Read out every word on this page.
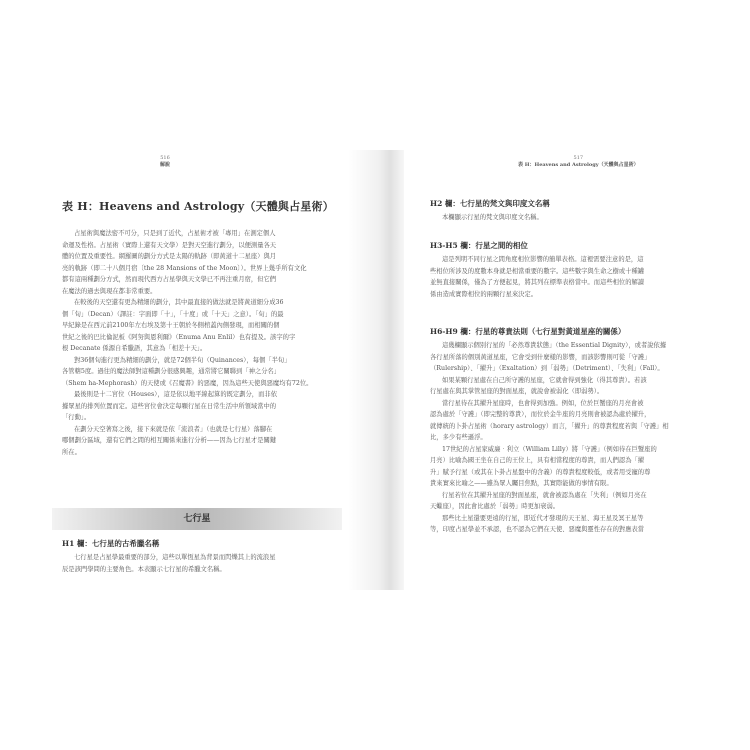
516
解說
表 H：Heavens and Astrology（天體與占星術）

占星術與魔法密不可分，只是到了近代，占星術才被「專用」在測定個人
命運及性格。占星術（實際上還有天文學）是對天空進行劃分，以便測量各天
體的位置及重要性。網羅圖的劃分方式是太陽的軌跡（即黃道十二星座）與月
亮的軌跡（即二十八個月宿〔the 28 Mansions of the Moon〕）。世界上幾乎所有文化
都有這兩種劃分方式，然而現代西方占星學與天文學已不再注重月宿，但它們
在魔法的過去與現在都非常重要。

在較後的天空還有更為精細的劃分，其中最直接的做法就是將黃道細分成36
個「旬」（Decan）（譯註：字面即「十」，「十度」或「十天」之意）。「旬」的最
早紀錄是在西元前2100年左右埃及第十王朝於冬側棺蓋內側發現，而相關的個
世紀之後的巴比倫泥板《阿努與恩利爾》（Enuma Anu Enlil）也有提及。該字的字
根 Decanate 係源自希臘語，其意為「相差十天」。

對36個旬進行更為精細的劃分，就是72個半旬（Quinances），每個「半旬」
各管轄5度。過往的魔法師對這種劃分很感興趣，通常將它關聯到「神之分名」
（Shem ha-Mephorash）的天使或《召魔書》的惡魔，因為這些天使與惡魔均有72位。

最後則是十二宮位（Houses），這是依以地平線起算的既定劃分，而非依
據眾星的排列位置而定。這些宮位會決定每顆行星在日常生活中所領域當中的
「行動」。

在劃分天空著寫之後，接下來就是依「流浪者」（也就是七行星）落腳在
哪個劃分區域，還有它們之間的相互關係來進行分析——因為七行星才是關鍵
所在。

七行星
H1 欄：七行星的古希臘名稱

七行星是占星學最重要的部分，這些以單恆星為背景而閃爍其上的流浪星
辰是該門學問的主要角色。本表顯示七行星的希臘文名稱。

517
表 H：Heavens and Astrology（天體與占星術）
H2 欄：七行星的梵文與印度文名稱

本欄顯示行星的梵文與印度文名稱。

H3-H5 欄：行星之間的相位

這是列明不同行星之間角度相位影響的簡單表格。這裡需要注意的是，這
些相位所涉及的度數本身就是相當重要的數字。這些數字與生命之樹或十種罐
並無直接關係，僅為了方便起見，將其列在標準表格當中。而這些相位的解讀
係由造成實際相位的兩顆行星來決定。

H6-H9 欄：行星的尊貴法則（七行星對黃道星座的關係）

這幾欄顯示個別行星的「必然尊貴狀態」（the Essential Dignity），或者說依據
各行星所落的個別黃道星座，它會受到什麼樣的影響，而該影響則可從「守護」
（Rulership）、「擢升」（Exaltation）到「弱勢」（Detriment）、「失利」（Fall）。

如果某顆行星處在自己所守護的星座，它就會得到強化（得其尊貴）。若該
行星處在與其掌管星座的對面星座，就說會被弱化（即弱勢）。

當行星待在其擢升星座時，也會得到加強。例如，位於巨蟹座的月亮會被
認為處於「守護」（即完整的尊貴），而位於金牛座的月亮則會被認為處於擢升，
就傳統的卜卦占星術（horary astrology）而言，「擢升」的尊貴程度若與「守護」相
比，多少有些遜浮。

17世紀的占星家威廉‧利立（William Lilly）將「守護」（例如待在巨蟹座的
月亮）比喻為國王坐在自己的王位上，具有相當程度的尊貴，而人們認為「擢
升」賦予行星（或其在卜卦占星盤中的含義）的尊貴程度較低，或者用受寵的尊
貴來實來比喻之——雖為眾人矚目焦點，其實際能做的事情有限。

行星若位在其擢升星座的對面星座，就會被認為處在「失利」（例如月亮在
天蠍座），因此會比處於「弱勢」時更加衰弱。

那些比土星還要更遠的行星，即近代才發現的天王星、海王星及冥王星等
等，印度占星學並不承認，也不認為它們在天使、惡魔與靈性存在的對應表當
